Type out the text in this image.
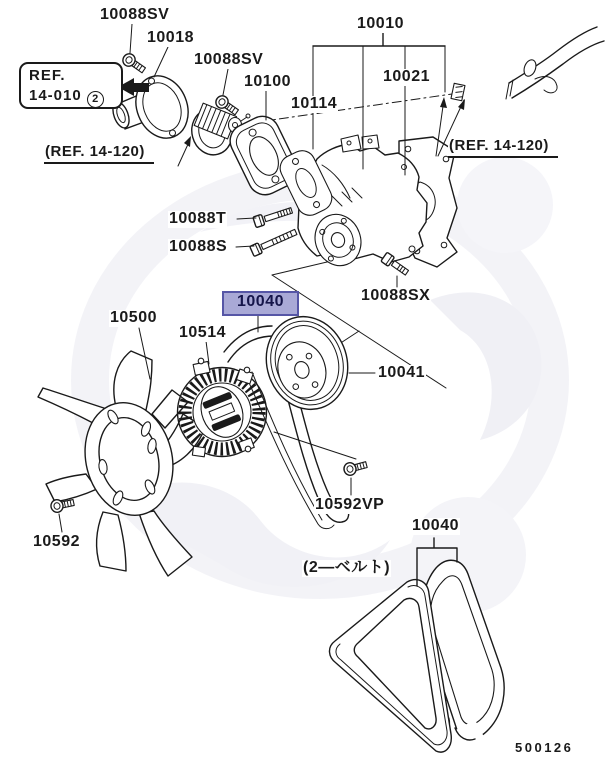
REF.
14-010 2
10088SV
10018
10088SV
10100
10114
10010
10021
(REF. 14-120)	(REF. 14-120)
10088T
10088S
10088SX
10040
10041
10500
10514
10592
10592VP
(2—ベルト)
10040
500126
